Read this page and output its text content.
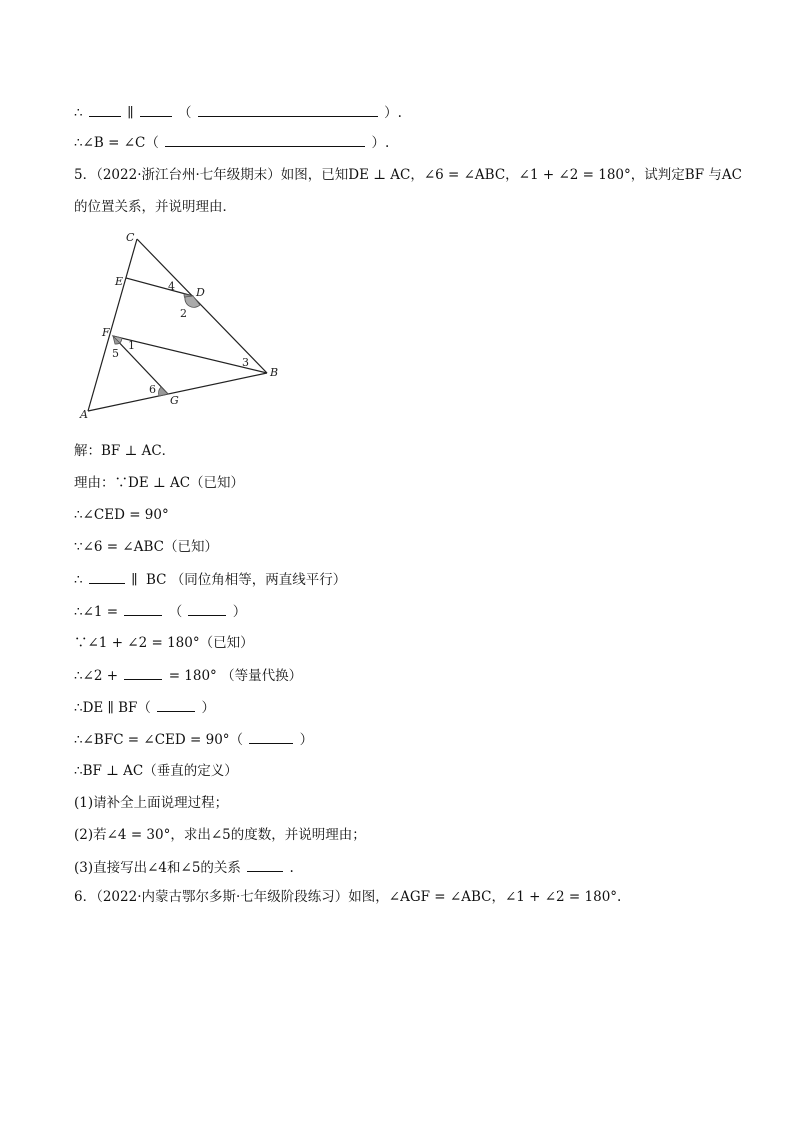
∴	∥	（	）.
∴∠B = ∠C（	）.
5．（2022·浙江台州·七年级期末）如图，已知DE ⊥ AC，∠6 = ∠ABC，∠1 + ∠2 = 180°，试判定BF 与AC
的位置关系，并说明理由．
C
E
D
F
B
A
G
4
2
1
5
3
6
解：BF ⊥ AC．
理由：∵DE ⊥ AC（已知）
∴∠CED = 90°
∵∠6 = ∠ABC（已知）
∴	∥  BC （同位角相等，两直线平行）
∴∠1 =	（	）
∵∠1 + ∠2 = 180°（已知）
∴∠2 +	= 180° （等量代换）
∴DE ∥ BF（	）
∴∠BFC = ∠CED = 90°（	）
∴BF ⊥ AC（垂直的定义）
(1)请补全上面说理过程；
(2)若∠4 = 30°，求出∠5的度数，并说明理由；
(3)直接写出∠4和∠5的关系	.
6．（2022·内蒙古鄂尔多斯·七年级阶段练习）如图，∠AGF = ∠ABC，∠1 + ∠2 = 180°.
